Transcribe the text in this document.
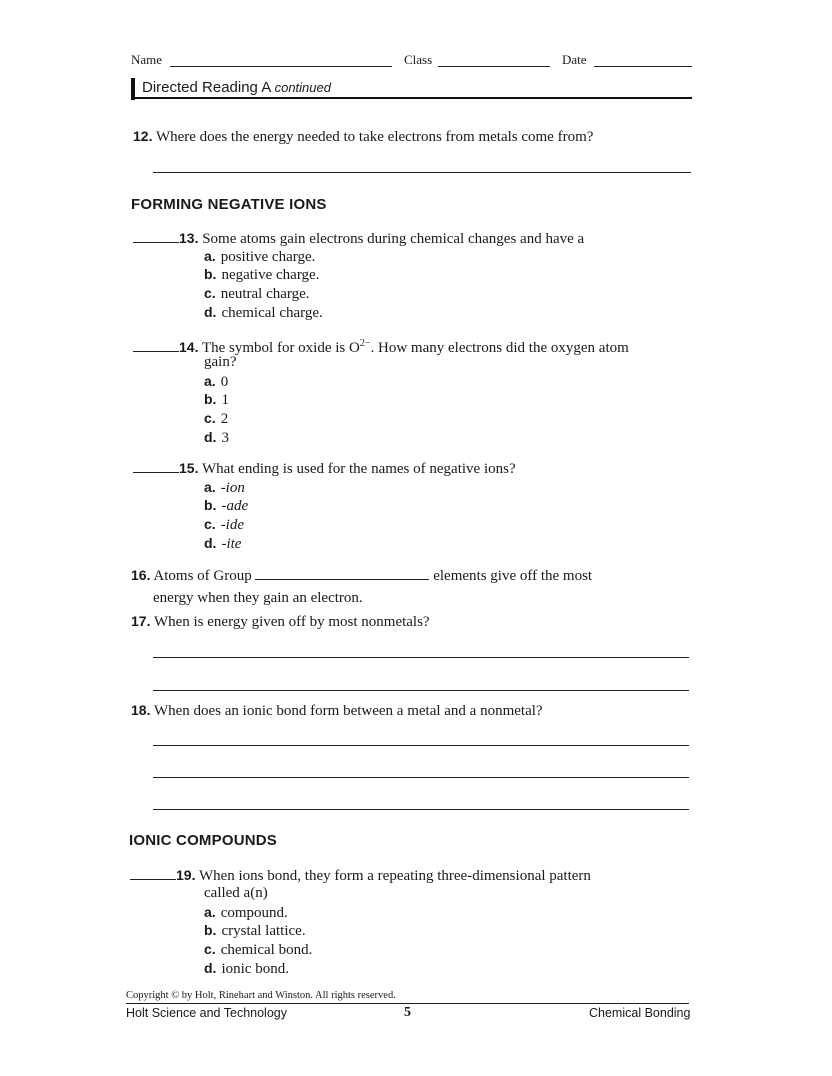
Name	Class	Date
Directed Reading A continued
12. Where does the energy needed to take electrons from metals come from?
FORMING NEGATIVE IONS
13. Some atoms gain electrons during chemical changes and have a
a. positive charge.
b. negative charge.
c. neutral charge.
d. chemical charge.
14. The symbol for oxide is $O^{2-}$. How many electrons did the oxygen atom
gain?
a. 0
b. 1
c. 2
d. 3
15. What ending is used for the names of negative ions?
a. -ion
b. -ade
c. -ide
d. -ite
16. Atoms of Group	elements give off the most
energy when they gain an electron.
17. When is energy given off by most nonmetals?
18. When does an ionic bond form between a metal and a nonmetal?
IONIC COMPOUNDS
19. When ions bond, they form a repeating three-dimensional pattern
called a(n)
a. compound.
b. crystal lattice.
c. chemical bond.
d. ionic bond.
Copyright © by Holt, Rinehart and Winston. All rights reserved.
Holt Science and Technology	5	Chemical Bonding
